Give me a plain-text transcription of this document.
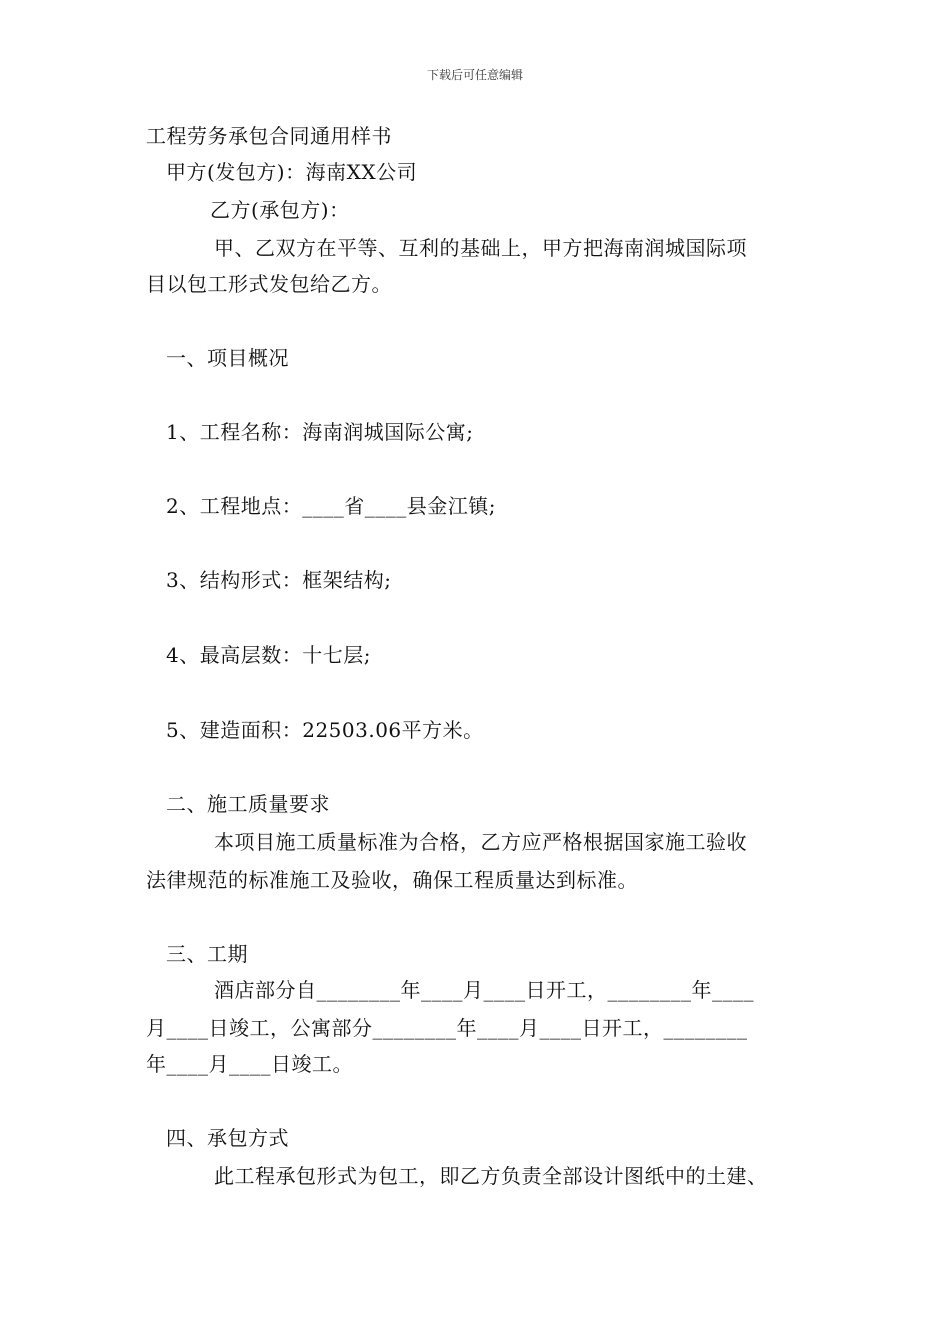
下载后可任意编辑
工程劳务承包合同通用样书
甲方(发包方)：海南XX公司
乙方(承包方)：
甲、乙双方在平等、互利的基础上，甲方把海南润城国际项
目以包工形式发包给乙方。
一、项目概况
1、工程名称：海南润城国际公寓;
2、工程地点：____省____县金江镇;
3、结构形式：框架结构;
4、最高层数：十七层;
5、建造面积：22503.06平方米。
二、施工质量要求
本项目施工质量标准为合格，乙方应严格根据国家施工验收
法律规范的标准施工及验收，确保工程质量达到标准。
三、工期
酒店部分自________年____月____日开工，________年____
月____日竣工，公寓部分________年____月____日开工，________
年____月____日竣工。
四、承包方式
此工程承包形式为包工，即乙方负责全部设计图纸中的土建、
